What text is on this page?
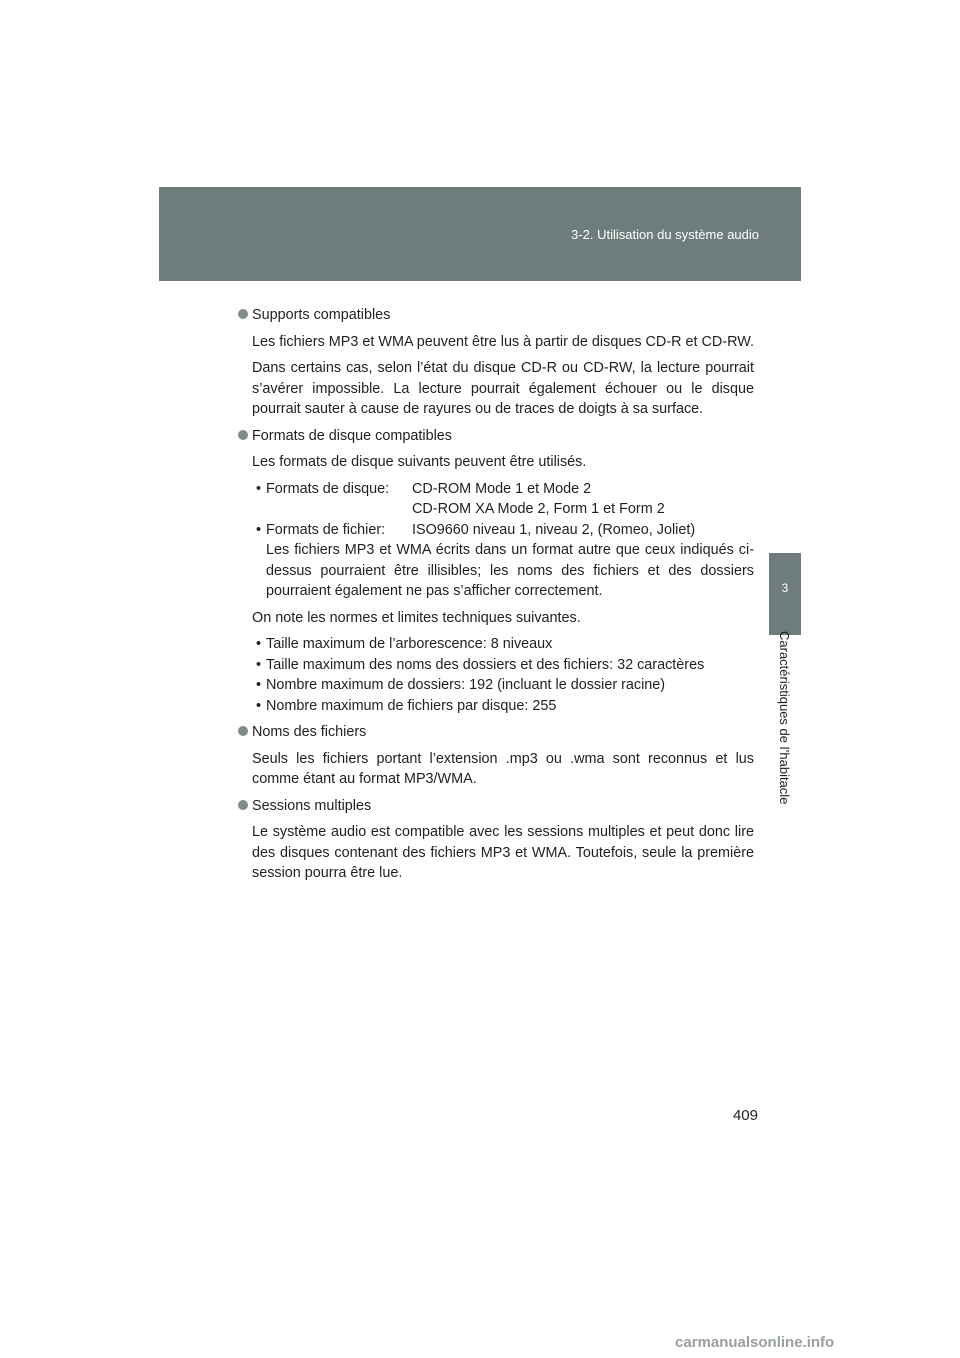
3-2. Utilisation du système audio
3
Caractéristiques de l’habitacle
Supports compatibles
Les fichiers MP3 et WMA peuvent être lus à partir de disques CD-R et CD-RW.
Dans certains cas, selon l’état du disque CD-R ou CD-RW, la lecture pourrait s’avérer impossible. La lecture pourrait également échouer ou le disque pourrait sauter à cause de rayures ou de traces de doigts à sa surface.
Formats de disque compatibles
Les formats de disque suivants peuvent être utilisés.
• Formats de disque:	CD-ROM Mode 1 et Mode 2
CD-ROM XA Mode 2, Form 1 et Form 2
• Formats de fichier:	ISO9660 niveau 1, niveau 2, (Romeo, Joliet)
Les fichiers MP3 et WMA écrits dans un format autre que ceux indiqués ci-dessus pourraient être illisibles; les noms des fichiers et des dossiers pourraient également ne pas s’afficher correctement.
On note les normes et limites techniques suivantes.
• Taille maximum de l’arborescence: 8 niveaux
• Taille maximum des noms des dossiers et des fichiers: 32 caractères
• Nombre maximum de dossiers: 192 (incluant le dossier racine)
• Nombre maximum de fichiers par disque: 255
Noms des fichiers
Seuls les fichiers portant l’extension .mp3 ou .wma sont reconnus et lus comme étant au format MP3/WMA.
Sessions multiples
Le système audio est compatible avec les sessions multiples et peut donc lire des disques contenant des fichiers MP3 et WMA. Toutefois, seule la première session pourra être lue.
409
carmanualsonline.info
